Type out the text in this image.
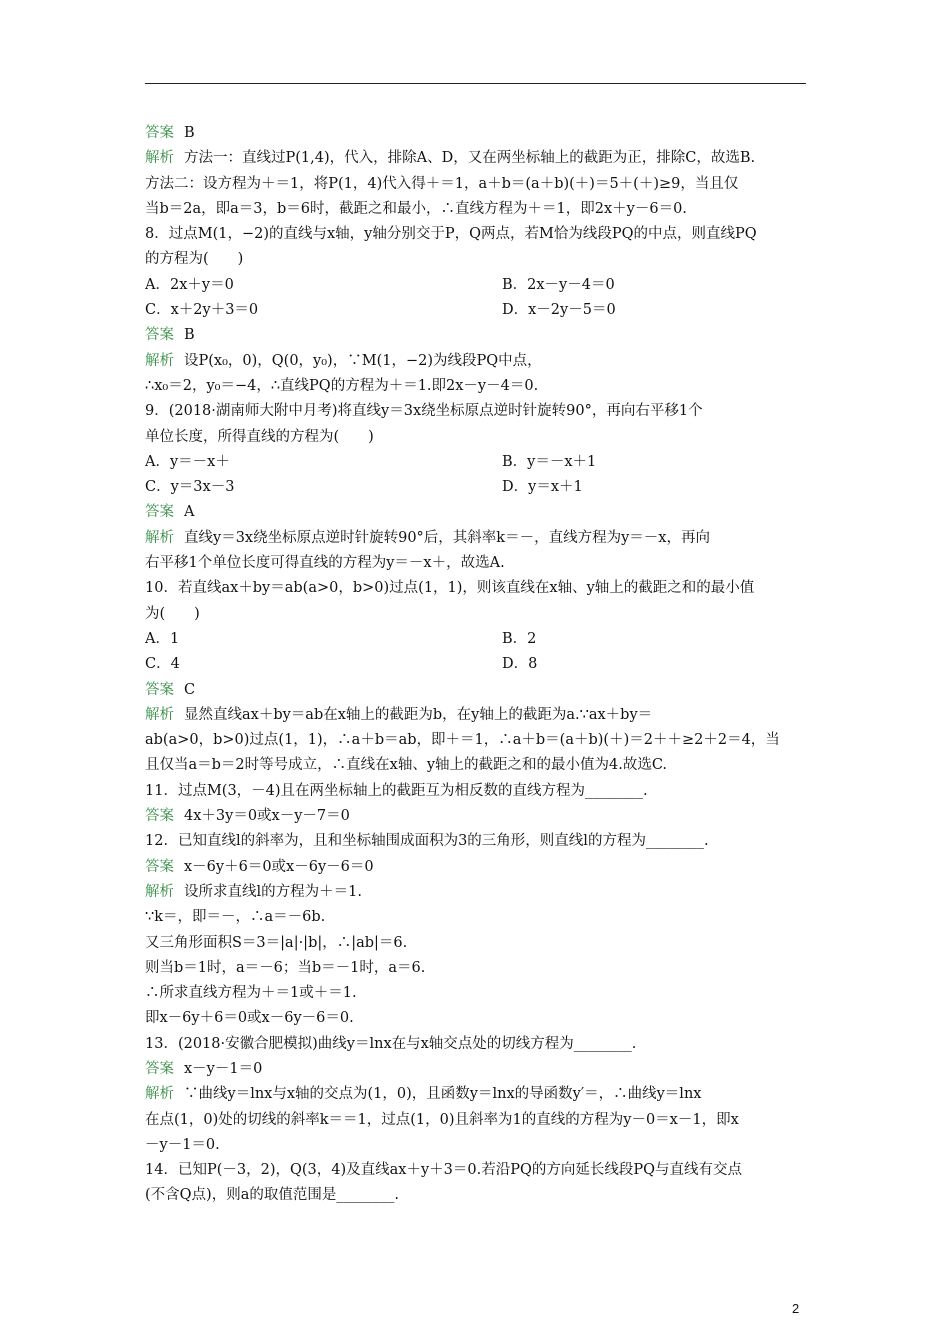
答案 B
解析 方法一：直线过P(1,4)，代入，排除A、D，又在两坐标轴上的截距为正，排除C，故选B.
方法二：设方程为＋＝1，将P(1，4)代入得＋＝1，a＋b＝(a＋b)(＋)＝5＋(＋)≥9，当且仅
当b＝2a，即a＝3，b＝6时，截距之和最小，∴直线方程为＋＝1，即2x＋y－6＝0.
8．过点M(1，−2)的直线与x轴，y轴分别交于P，Q两点，若M恰为线段PQ的中点，则直线PQ
的方程为(　　)
A．2x＋y＝0	B．2x－y－4＝0
C．x＋2y＋3＝0	D．x－2y－5＝0
答案 B
解析 设P(x₀，0)，Q(0，y₀)，∵M(1，−2)为线段PQ中点，
∴x₀＝2，y₀＝−4，∴直线PQ的方程为＋＝1.即2x－y－4＝0.
9．(2018·湖南师大附中月考)将直线y＝3x绕坐标原点逆时针旋转90°，再向右平移1个
单位长度，所得直线的方程为(　　)
A．y＝－x＋	B．y＝－x＋1
C．y＝3x－3	D．y＝x＋1
答案 A
解析 直线y＝3x绕坐标原点逆时针旋转90°后，其斜率k＝－，直线方程为y＝－x，再向
右平移1个单位长度可得直线的方程为y＝－x＋，故选A.
10．若直线ax＋by＝ab(a>0，b>0)过点(1，1)，则该直线在x轴、y轴上的截距之和的最小值
为(　　)
A．1	B．2
C．4	D．8
答案 C
解析 显然直线ax＋by＝ab在x轴上的截距为b，在y轴上的截距为a.∵ax＋by＝
ab(a>0，b>0)过点(1，1)，∴a＋b＝ab，即＋＝1，∴a＋b＝(a＋b)(＋)＝2＋＋≥2＋2＝4，当
且仅当a＝b＝2时等号成立，∴直线在x轴、y轴上的截距之和的最小值为4.故选C.
11．过点M(3，－4)且在两坐标轴上的截距互为相反数的直线方程为________.
答案 4x＋3y＝0或x－y－7＝0
12．已知直线l的斜率为，且和坐标轴围成面积为3的三角形，则直线l的方程为________.
答案 x－6y＋6＝0或x－6y－6＝0
解析 设所求直线l的方程为＋＝1.
∵k＝，即＝－，∴a＝－6b.
又三角形面积S＝3＝|a|·|b|，∴|ab|＝6.
则当b＝1时，a＝－6；当b＝－1时，a＝6.
∴所求直线方程为＋＝1或＋＝1.
即x－6y＋6＝0或x－6y－6＝0.
13．(2018·安徽合肥模拟)曲线y＝lnx在与x轴交点处的切线方程为________.
答案 x－y－1＝0
解析 ∵曲线y＝lnx与x轴的交点为(1，0)，且函数y＝lnx的导函数y′＝，∴曲线y＝lnx
在点(1，0)处的切线的斜率k＝＝1，过点(1，0)且斜率为1的直线的方程为y－0＝x－1，即x
－y－1＝0.
14．已知P(－3，2)，Q(3，4)及直线ax＋y＋3＝0.若沿PQ的方向延长线段PQ与直线有交点
(不含Q点)，则a的取值范围是________.
2
